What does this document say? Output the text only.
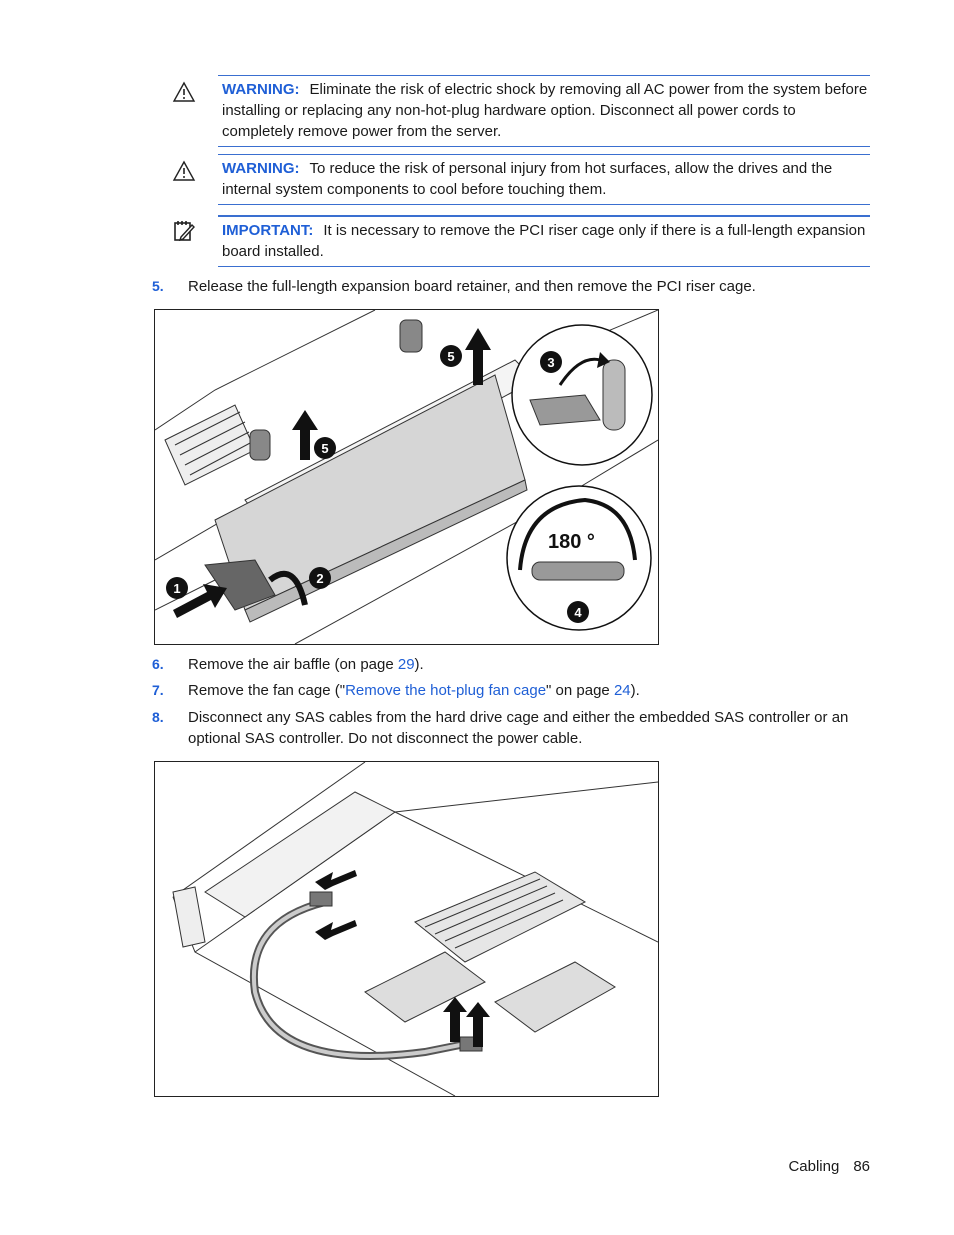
WARNING: Eliminate the risk of electric shock by removing all AC power from the system before installing or replacing any non-hot-plug hardware option. Disconnect all power cords to completely remove power from the server.
WARNING: To reduce the risk of personal injury from hot surfaces, allow the drives and the internal system components to cool before touching them.
IMPORTANT: It is necessary to remove the PCI riser cage only if there is a full-length expansion board installed.
5. Release the full-length expansion board retainer, and then remove the PCI riser cage.
1
2
5
5	3
180 °
4
6. Remove the air baffle (on page 29).
7. Remove the fan cage ("Remove the hot-plug fan cage" on page 24).
8. Disconnect any SAS cables from the hard drive cage and either the embedded SAS controller or an optional SAS controller. Do not disconnect the power cable.
Cabling 86
